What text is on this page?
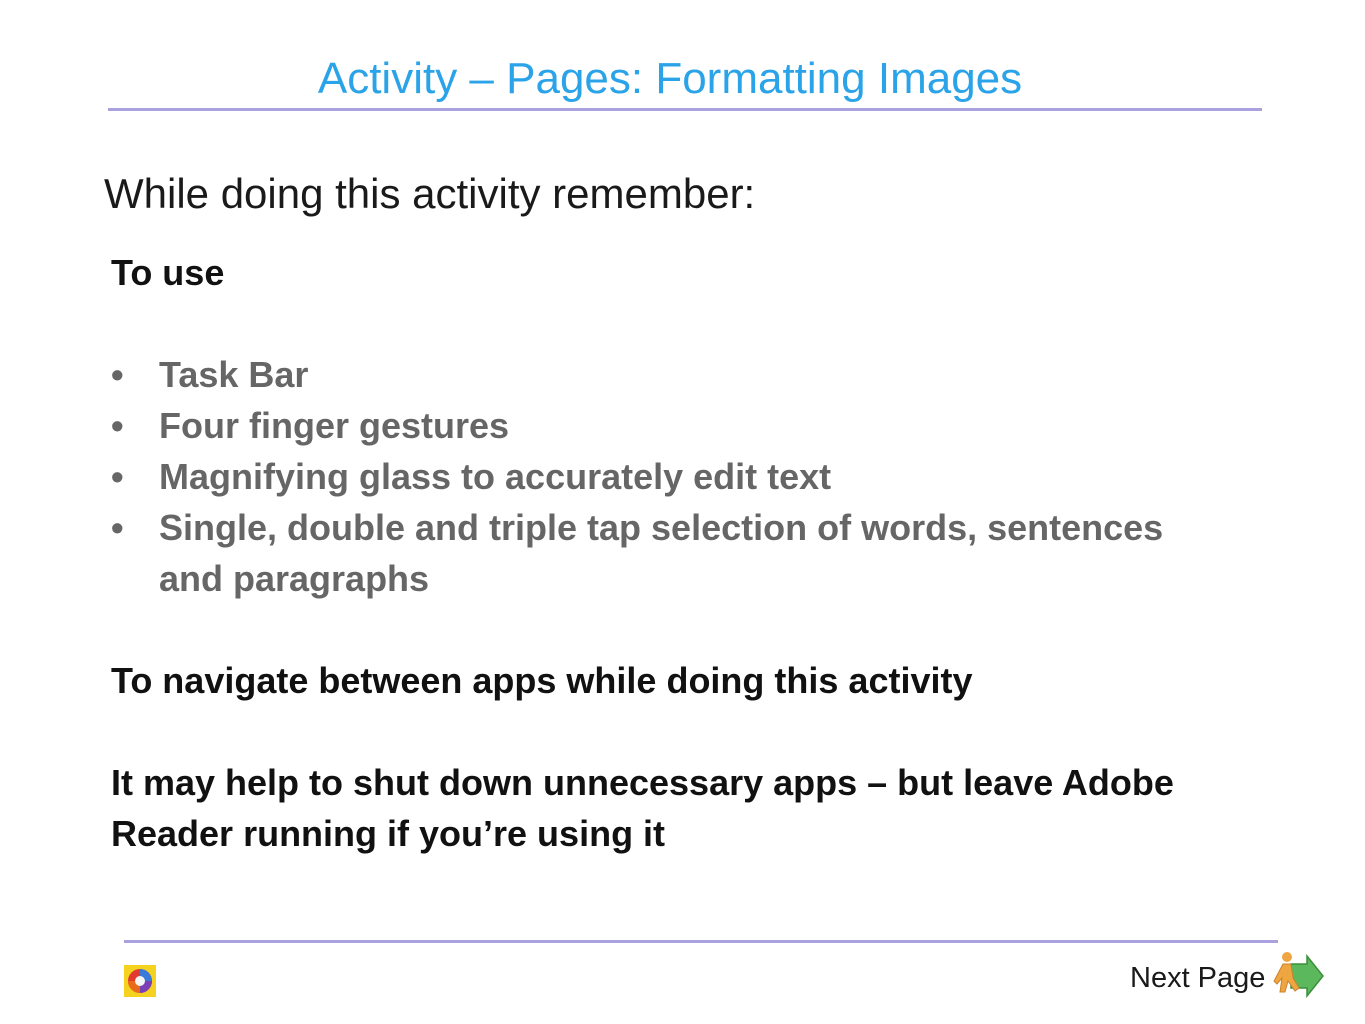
Activity – Pages: Formatting Images
While doing this activity remember:
To use
• Task Bar
• Four finger gestures
• Magnifying glass to accurately edit text
• Single, double and triple tap selection of words, sentences and paragraphs
To navigate between apps while doing this activity
It may help to shut down unnecessary apps – but leave Adobe Reader running if you’re using it
Next Page
